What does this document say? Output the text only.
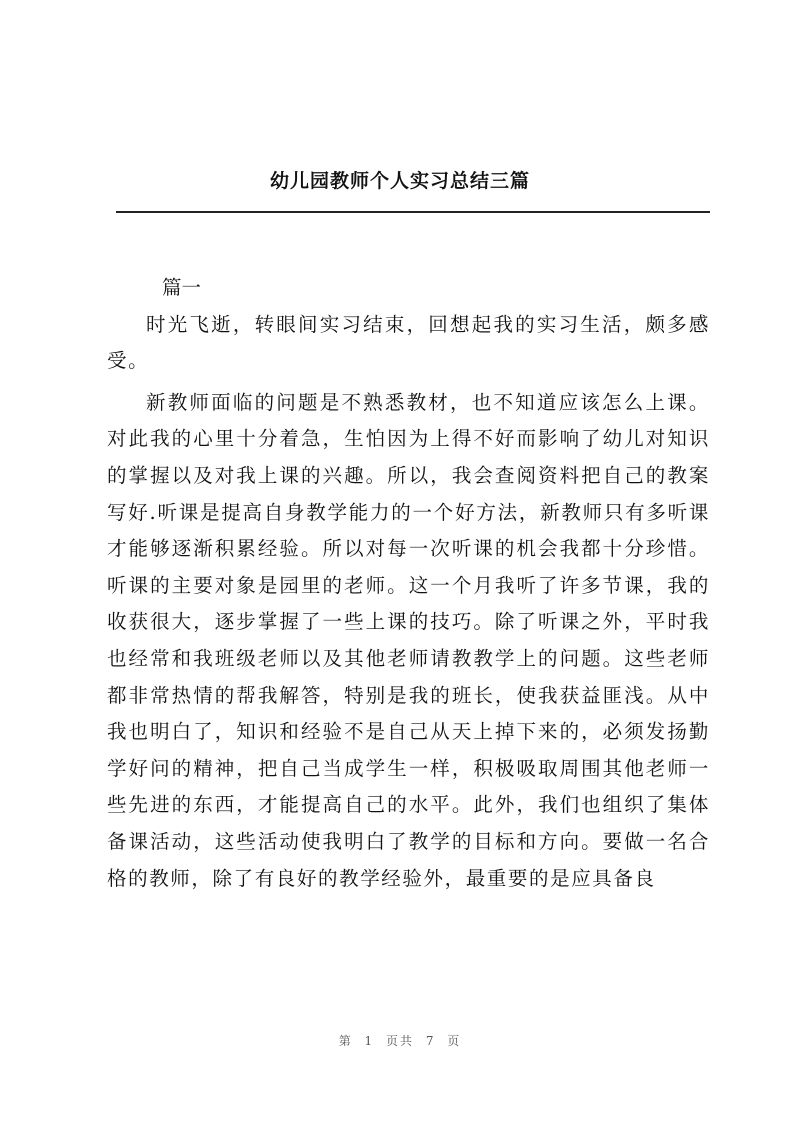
幼儿园教师个人实习总结三篇
篇一

时光飞逝，转眼间实习结束，回想起我的实习生活，颇多感受。

新教师面临的问题是不熟悉教材，也不知道应该怎么上课。对此我的心里十分着急，生怕因为上得不好而影响了幼儿对知识的掌握以及对我上课的兴趣。所以，我会查阅资料把自己的教案写好.听课是提高自身教学能力的一个好方法，新教师只有多听课才能够逐渐积累经验。所以对每一次听课的机会我都十分珍惜。听课的主要对象是园里的老师。这一个月我听了许多节课，我的收获很大，逐步掌握了一些上课的技巧。除了听课之外，平时我也经常和我班级老师以及其他老师请教教学上的问题。这些老师都非常热情的帮我解答，特别是我的班长，使我获益匪浅。从中我也明白了，知识和经验不是自己从天上掉下来的，必须发扬勤学好问的精神，把自己当成学生一样，积极吸取周围其他老师一些先进的东西，才能提高自己的水平。此外，我们也组织了集体备课活动，这些活动使我明白了教学的目标和方向。要做一名合格的教师，除了有良好的教学经验外，最重要的是应具备良

第 1 页共 7 页
